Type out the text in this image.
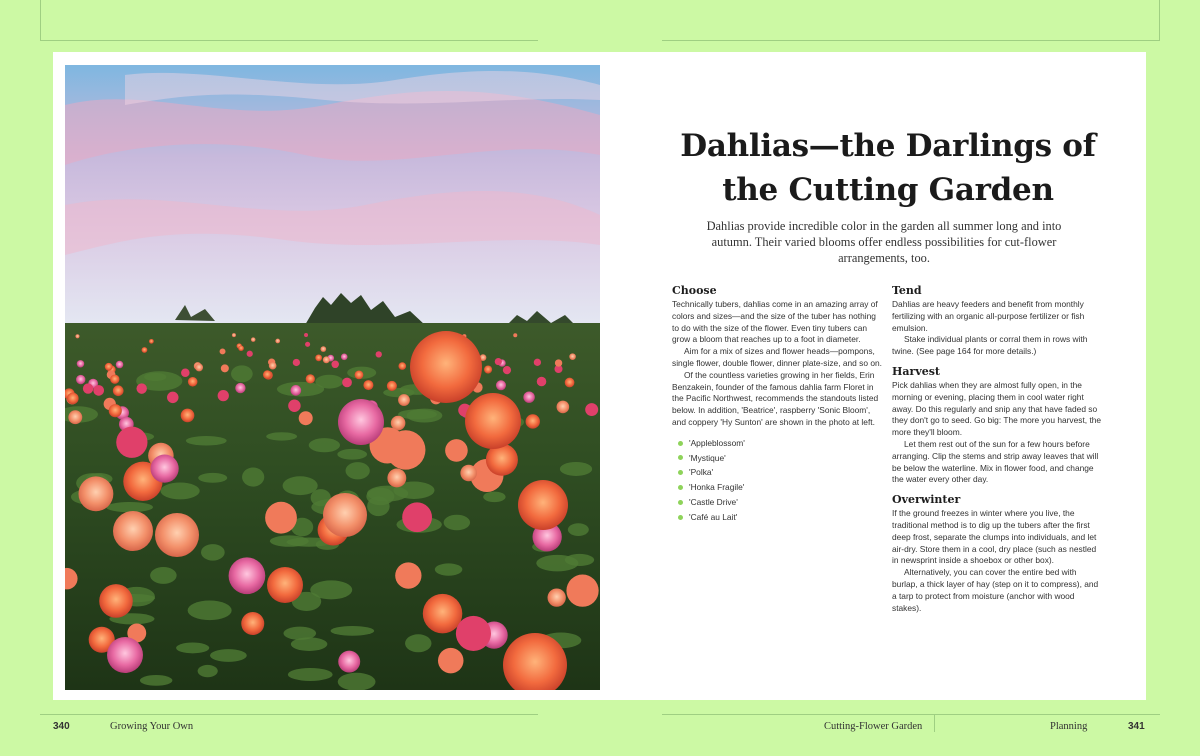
Dahlias—the Darlings of
the Cutting Garden
Dahlias provide incredible color in the garden all summer long and into autumn. Their varied blooms offer endless possibilities for cut-flower arrangements, too.
Choose

Technically tubers, dahlias come in an amazing array of colors and sizes—and the size of the tuber has nothing to do with the size of the flower. Even tiny tubers can grow a bloom that reaches up to a foot in diameter.

Aim for a mix of sizes and flower heads—pompons, single flower, double flower, dinner plate-size, and so on.

Of the countless varieties growing in her fields, Erin Benzakein, founder of the famous dahlia farm Floret in the Pacific Northwest, recommends the standouts listed below. In addition, 'Beatrice', raspberry 'Sonic Bloom', and coppery 'Hy Sunton' are shown in the photo at left.

'Appleblossom'
'Mystique'
'Polka'
'Honka Fragile'
'Castle Drive'
'Café au Lait'
Tend

Dahlias are heavy feeders and benefit from monthly fertilizing with an organic all-purpose fertilizer or fish emulsion.

Stake individual plants or corral them in rows with twine. (See page 164 for more details.)

Harvest

Pick dahlias when they are almost fully open, in the morning or evening, placing them in cool water right away. Do this regularly and snip any that have faded so they don't go to seed. Go big: The more you harvest, the more they'll bloom.

Let them rest out of the sun for a few hours before arranging. Clip the stems and strip away leaves that will be below the waterline. Mix in flower food, and change the water every other day.

Overwinter

If the ground freezes in winter where you live, the traditional method is to dig up the tubers after the first deep frost, separate the clumps into individuals, and let air-dry. Store them in a cool, dry place (such as nestled in newsprint inside a shoebox or other box).

Alternatively, you can cover the entire bed with burlap, a thick layer of hay (step on it to compress), and a tarp to protect from moisture (anchor with wood stakes).

340	Growing Your Own	Cutting-Flower Garden	Planning	341
